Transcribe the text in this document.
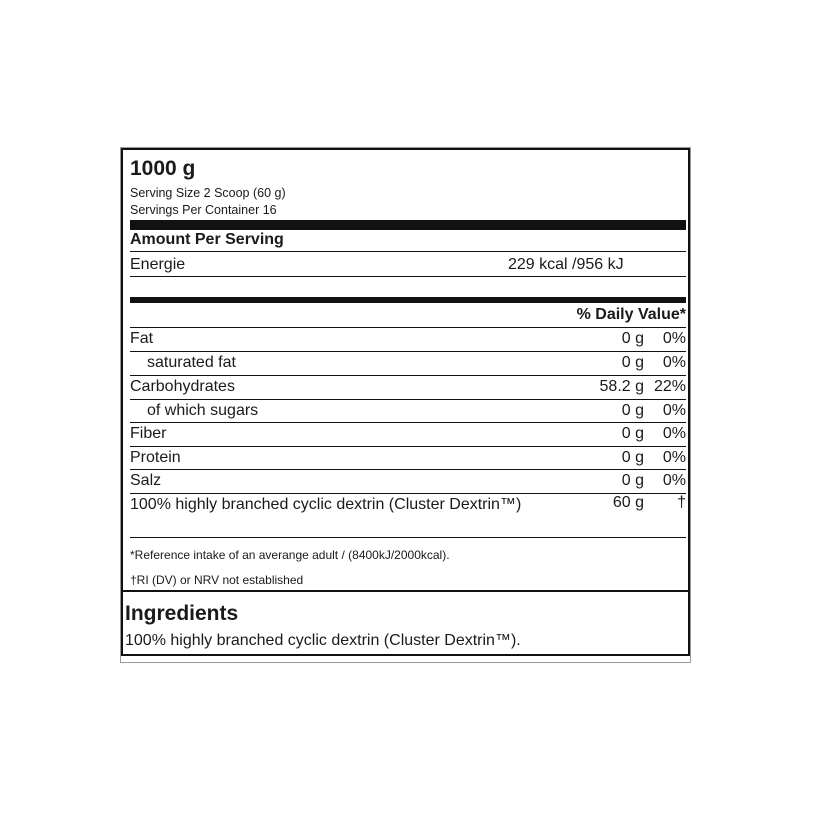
1000 g
Serving Size 2 Scoop (60 g)
Servings Per Container 16
Amount Per Serving
Energie	229 kcal /956 kJ
% Daily Value*
Fat	0 g 0%
saturated fat	0 g 0%
Carbohydrates	58.2 g 22%
of which sugars	0 g 0%
Fiber	0 g 0%
Protein	0 g 0%
Salz	0 g 0%
100% highly branched cyclic dextrin (Cluster Dextrin™)	60 g †
*Reference intake of an averange adult / (8400kJ/2000kcal).
†RI (DV) or NRV not established
Ingredients
100% highly branched cyclic dextrin (Cluster Dextrin™).
